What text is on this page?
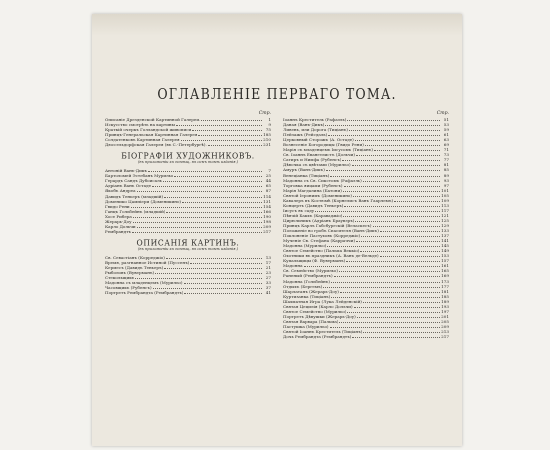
ОГЛАВЛЕНІЕ ПЕРВАГО ТОМА.
Стр.
Описаніе Дрезденской Картинной Галереи.	1
Искусство смотрѣть на картины	9
Краткій очеркъ Голландской живописи	75
Принцъ-Генеральская Картинная Галерея	185
Солдатенковъ Картинная Галерея	210
Дюссельдорфская Галерея (въ С.-Петербургѣ).	231
БІОГРАФІИ ХУДОЖНИКОВЪ.
(въ приложеніи къ помѣщ. въ семъ томѣ изданія.)
Антоній Ванъ-Дикъ	7
Бартоломей Эстебанъ Мурильо	25
Герардъ Сандъ Дубоисаль	44
Адріанъ Ванъ Остаде	65
Якобъ Андреа	87
Давидъ Теньеръ (младшій)	114
Доменико Цампіери (Доменикино)	131
Гвидо Рени	154
Ганцъ Гольбейнъ (младшій)	166
Хосе Рибера	190
Жерарь-Доу	198
Карло Дольчи	209
Рембрандтъ	217
ОПИСАНІЯ КАРТИНЪ.
(въ приложеніи къ помѣщ. въ семъ томѣ изданія.)
Св. Севастіанъ (Корреджіо)	13
Время, разгнанное Истиной (Пуссенъ)	17
Кермесъ (Давидъ Теньеръ)	21
Рыболовъ (Вуверманъ)	23
Стекольщикъ	27
Мадонна съ младенцемъ (Мурильо)	33
Часовщикъ (Рубенсъ)	37
Портретъ Рембрандта (Рембрандтъ)	41
Стр.
Іоаннъ Креститель (Рафаэль)	51
Даная (Ванъ-Дикъ)	53
Ливень, или Дорога (Тиціанъ)	59
Пейзажъ (Рейсдаль)	61
Церковный Сторожъ (А. Остаде)	63
Вознесеніе Богородицы (Гвидо Рени)	69
Марія съ младенцемъ Іисусомъ (Тиціанъ)	71
Св. Іоаннъ Евангелистъ (Дольчи)	73
Сатиръ и Нимфа (Рубенсъ)	77
Дѣвочка съ цвѣтами (Мурильо)	81
Амуръ (Ванъ-Дикъ)	85
Венеціанка (Тиціанъ)	89
Мадонна съ Св. Сикстомъ (Рафаэль)	93
Торговка яицами (Рубенсъ)	97
Марія Магдалина (Батони)	101
Святой Іеронимъ (Доменикино)	105
Кавалеръ въ Костюмѣ (Корнелисъ Ванъ Гаарлемъ)	109
Концертъ (Давидъ Теньеръ)	113
Іисусъ въ саду	117
Пѣвчій Бакхъ (Караваджіо)	121
Цирюльникъ (Адріанъ Браувэръ)	125
Принцъ Карлъ Габсбургскій (Веласкесъ)	129
Положеніе во гробъ Спасителя (Ванъ-Дикъ)	133
Поклоненіе Пастуховъ (Корреджіо)	137
Мученіе Св. Стефана (Карраччи)	141
Мадонна (Мурильо)	145
Святое Семейство (Пальма Веккіо)	149
Охотники въ праздникъ (А. Ванъ де-Вельде)	153
Купальщицы (Ф. Вуверманъ)	157
Мадонна	161
Св. Семейство (Мурильо)	165
Раненый (Рембрандтъ)	169
Мадонна (Гольбейнъ)	173
Отдыхъ (Бергемъ)	177
Шарлатанъ (Жерарь-Доу)	181
Куртизанка (Тиціанъ)	185
Шахматная Игра (Лука Лейденскій)	189
Святая Цецилія (Карло Дольчи)	193
Святое Семейство (Мурильо)	197
Портретъ Дѣвушки (Жерарь-Доу)	201
Святая Варвара (Пальма)	205
Пастушка (Мурильо)	209
Святой Іоаннъ Креститель (Тиціанъ)	213
Дочь Рембрандта (Рембрандтъ)	217
